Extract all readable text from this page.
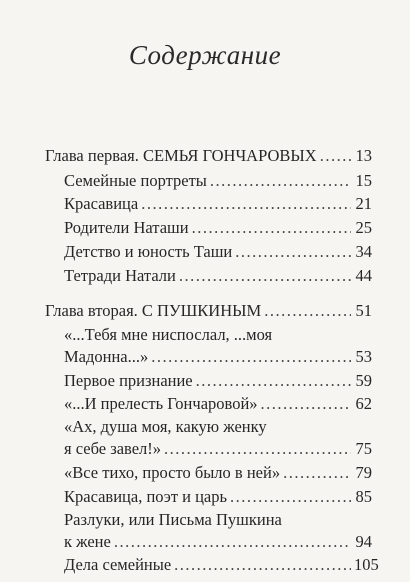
Содержание
Глава первая. СЕМЬЯ ГОНЧАРОВЫХ ..... 13
Семейные портреты .....	15
Красавица .....	21
Родители Наташи .....	25
Детство и юность Таши .....	34
Тетради Натали .....	44
Глава вторая. С ПУШКИНЫМ .....	51
«...Тебя мне ниспослал, ...моя
Мадонна...» .....	53
Первое признание .....	59
«...И прелесть Гончаровой» .....	62
«Ах, душа моя, какую женку
я себе завел!» .....	75
«Все тихо, просто было в ней» .....	79
Красавица, поэт и царь .....	85
Разлуки, или Письма Пушкина
к жене .....	94
Дела семейные .....	105
